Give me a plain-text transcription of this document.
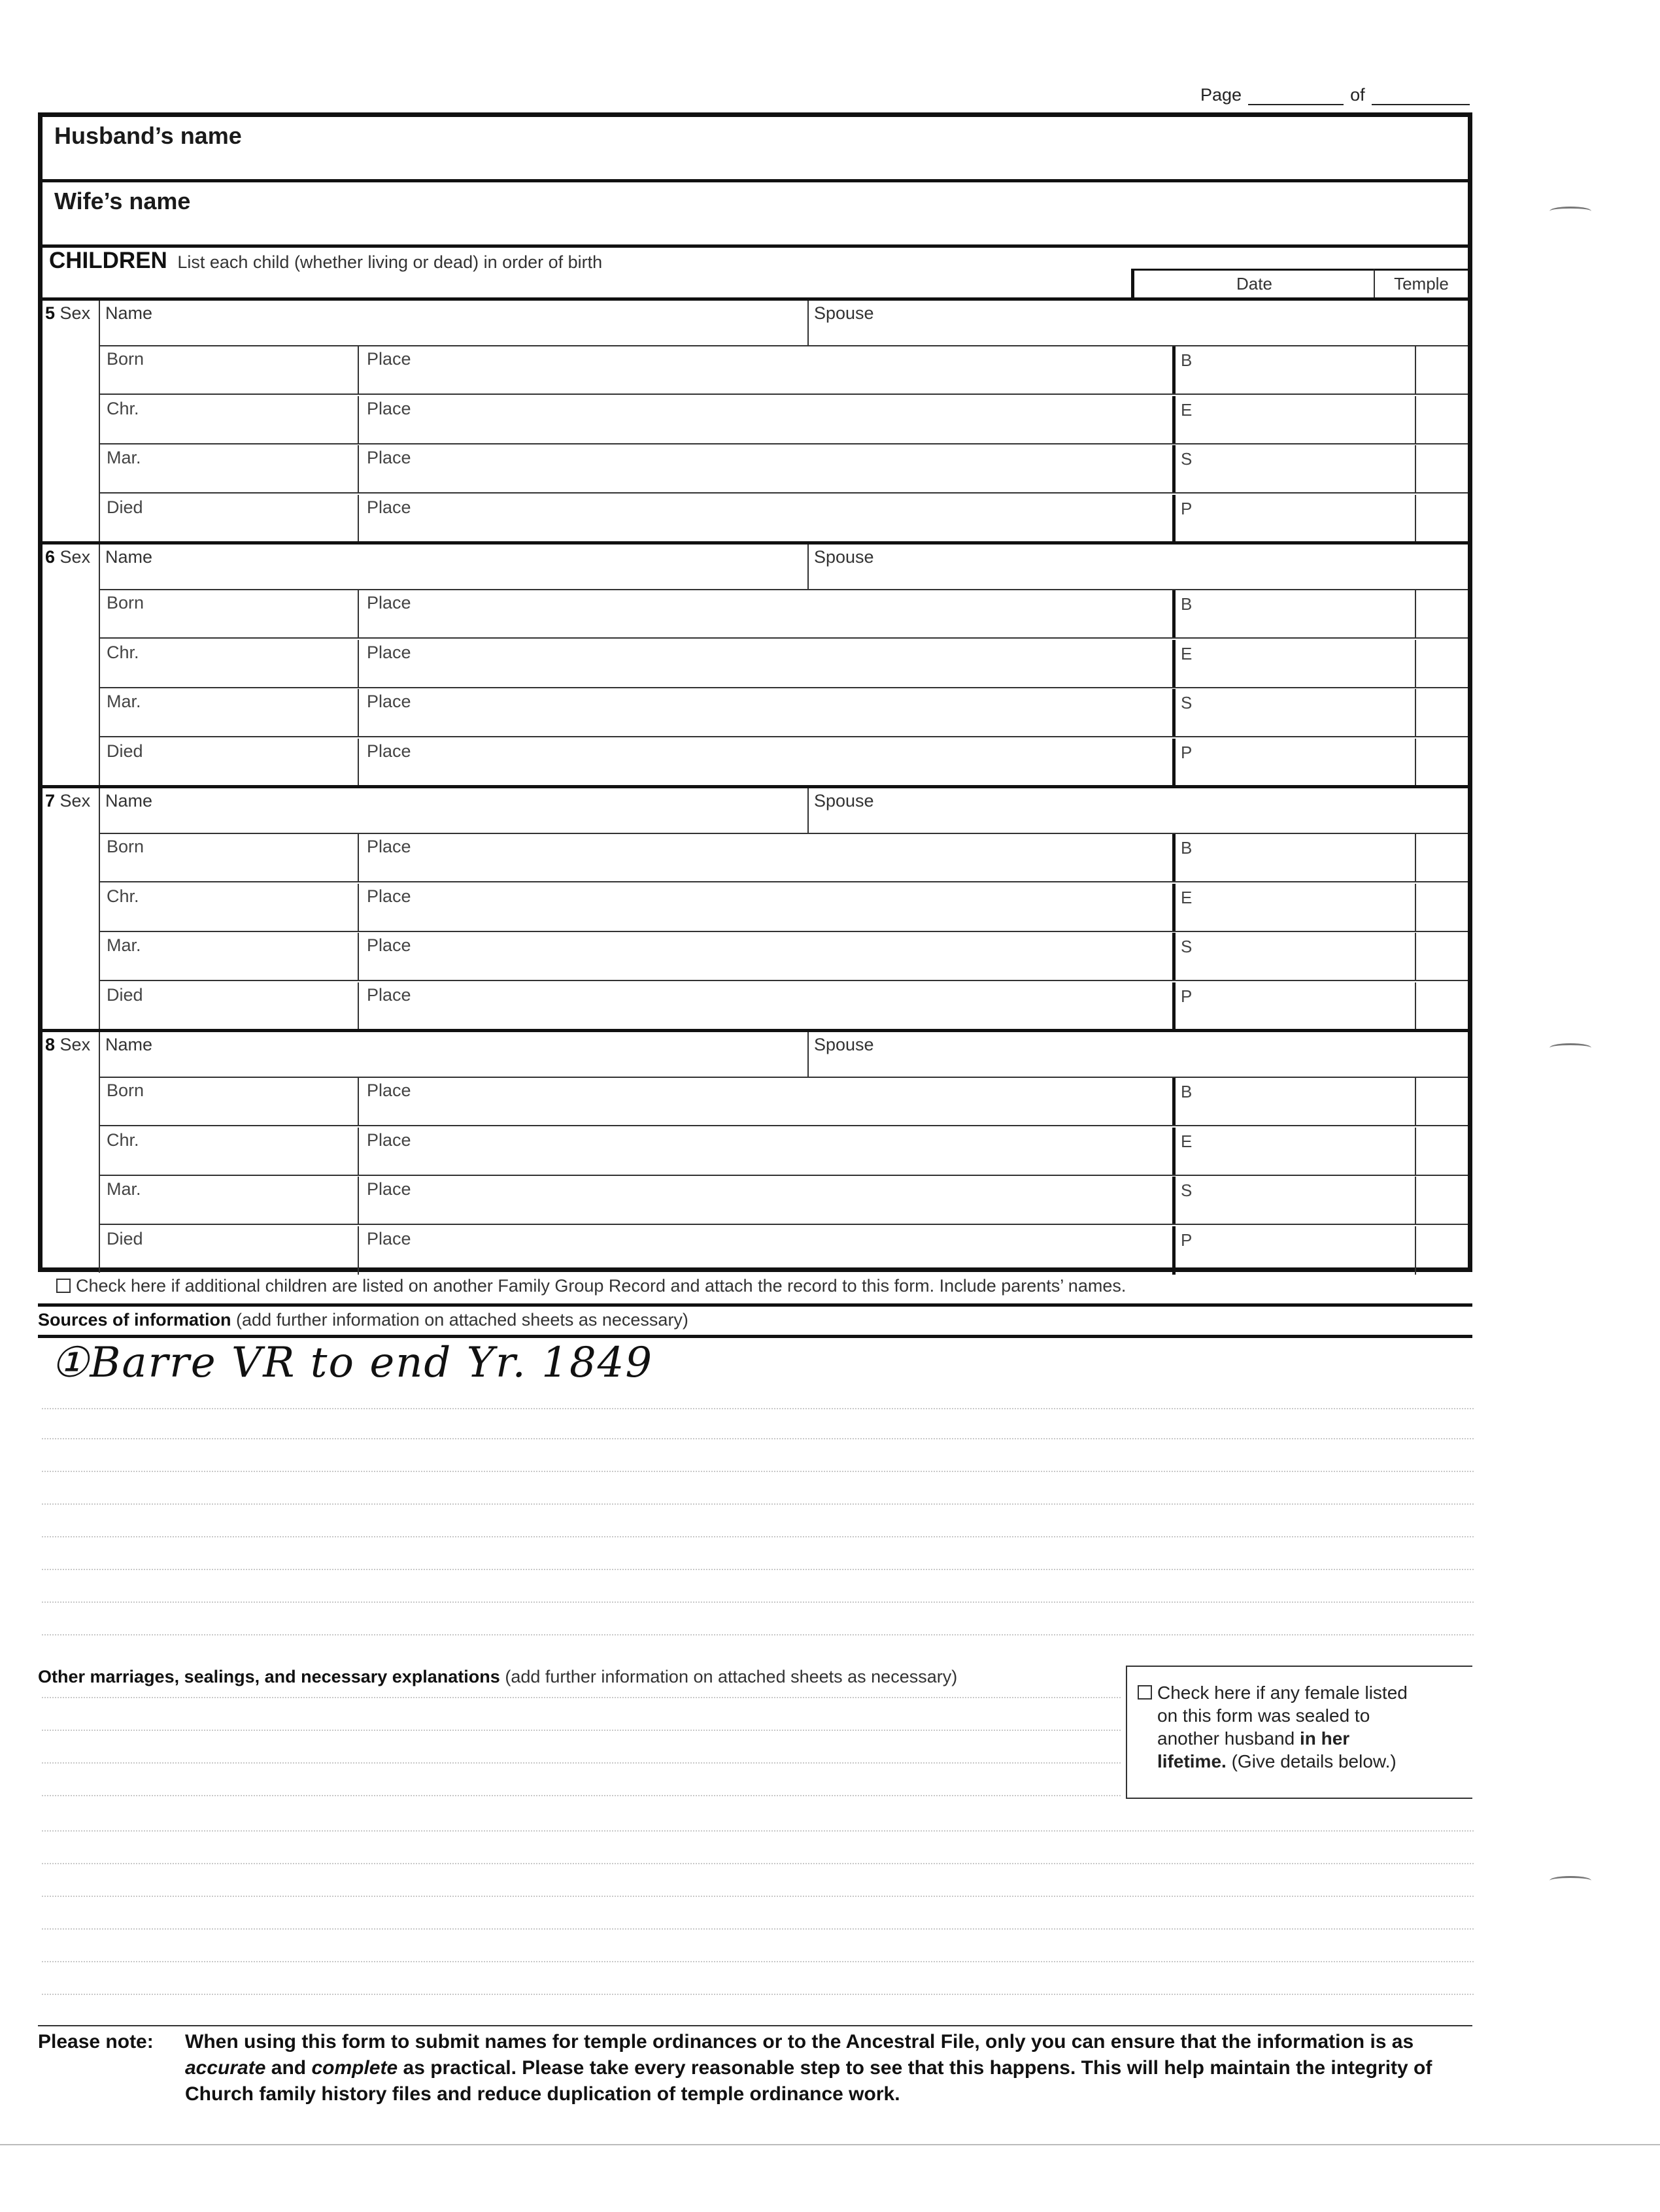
Page	of
Husband’s name
Wife’s name
CHILDREN List each child (whether living or dead) in order of birth
Date	Temple
5 Sex Name	Spouse
Born	Place	B
Chr.	Place	E
Mar.	Place	S
Died	Place	P
6 Sex Name	Spouse
Born	Place	B
Chr.	Place	E
Mar.	Place	S
Died	Place	P
7 Sex Name	Spouse
Born	Place	B
Chr.	Place	E
Mar.	Place	S
Died	Place	P
8 Sex Name	Spouse
Born	Place	B
Chr.	Place	E
Mar.	Place	S
Died	Place	P
Check here if additional children are listed on another Family Group Record and attach the record to this form. Include parents’ names.
Sources of information (add further information on attached sheets as necessary)
①Barre VR to end Yr. 1849
Other marriages, sealings, and necessary explanations (add further information on attached sheets as necessary)
Check here if any female listed
on this form was sealed to
another husband in her
lifetime. (Give details below.)
Please note: When using this form to submit names for temple ordinances or to the Ancestral File, only you can ensure that the information is as accurate and complete as practical. Please take every reasonable step to see that this happens. This will help maintain the integrity of Church family history files and reduce duplication of temple ordinance work.
